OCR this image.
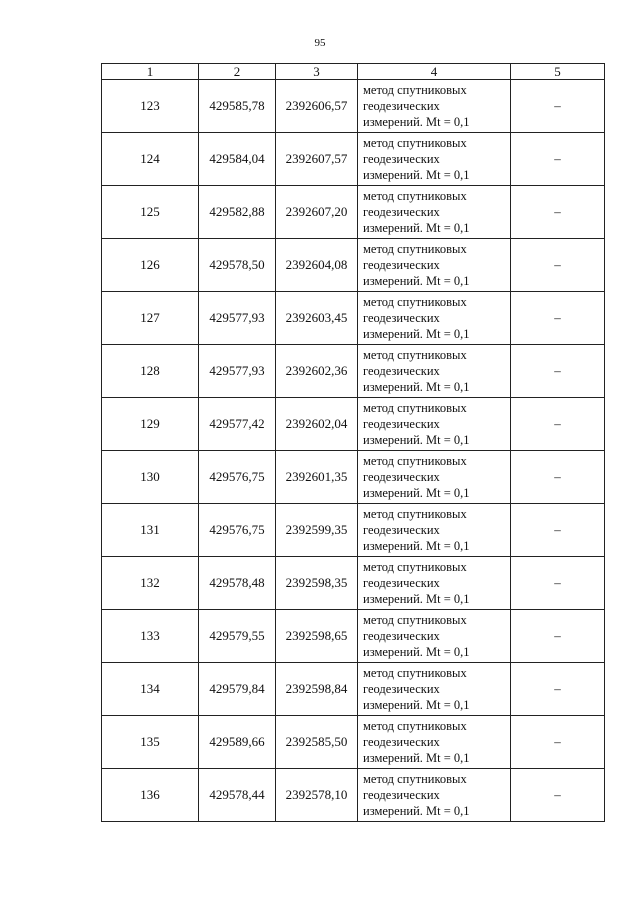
95
1	2	3	4	5
123	429585,78	2392606,57	метод спутниковых
геодезических
измерений. Mt = 0,1	–
124	429584,04	2392607,57	метод спутниковых
геодезических
измерений. Mt = 0,1	–
125	429582,88	2392607,20	метод спутниковых
геодезических
измерений. Mt = 0,1	–
126	429578,50	2392604,08	метод спутниковых
геодезических
измерений. Mt = 0,1	–
127	429577,93	2392603,45	метод спутниковых
геодезических
измерений. Mt = 0,1	–
128	429577,93	2392602,36	метод спутниковых
геодезических
измерений. Mt = 0,1	–
129	429577,42	2392602,04	метод спутниковых
геодезических
измерений. Mt = 0,1	–
130	429576,75	2392601,35	метод спутниковых
геодезических
измерений. Mt = 0,1	–
131	429576,75	2392599,35	метод спутниковых
геодезических
измерений. Mt = 0,1	–
132	429578,48	2392598,35	метод спутниковых
геодезических
измерений. Mt = 0,1	–
133	429579,55	2392598,65	метод спутниковых
геодезических
измерений. Mt = 0,1	–
134	429579,84	2392598,84	метод спутниковых
геодезических
измерений. Mt = 0,1	–
135	429589,66	2392585,50	метод спутниковых
геодезических
измерений. Mt = 0,1	–
136	429578,44	2392578,10	метод спутниковых
геодезических
измерений. Mt = 0,1	–
